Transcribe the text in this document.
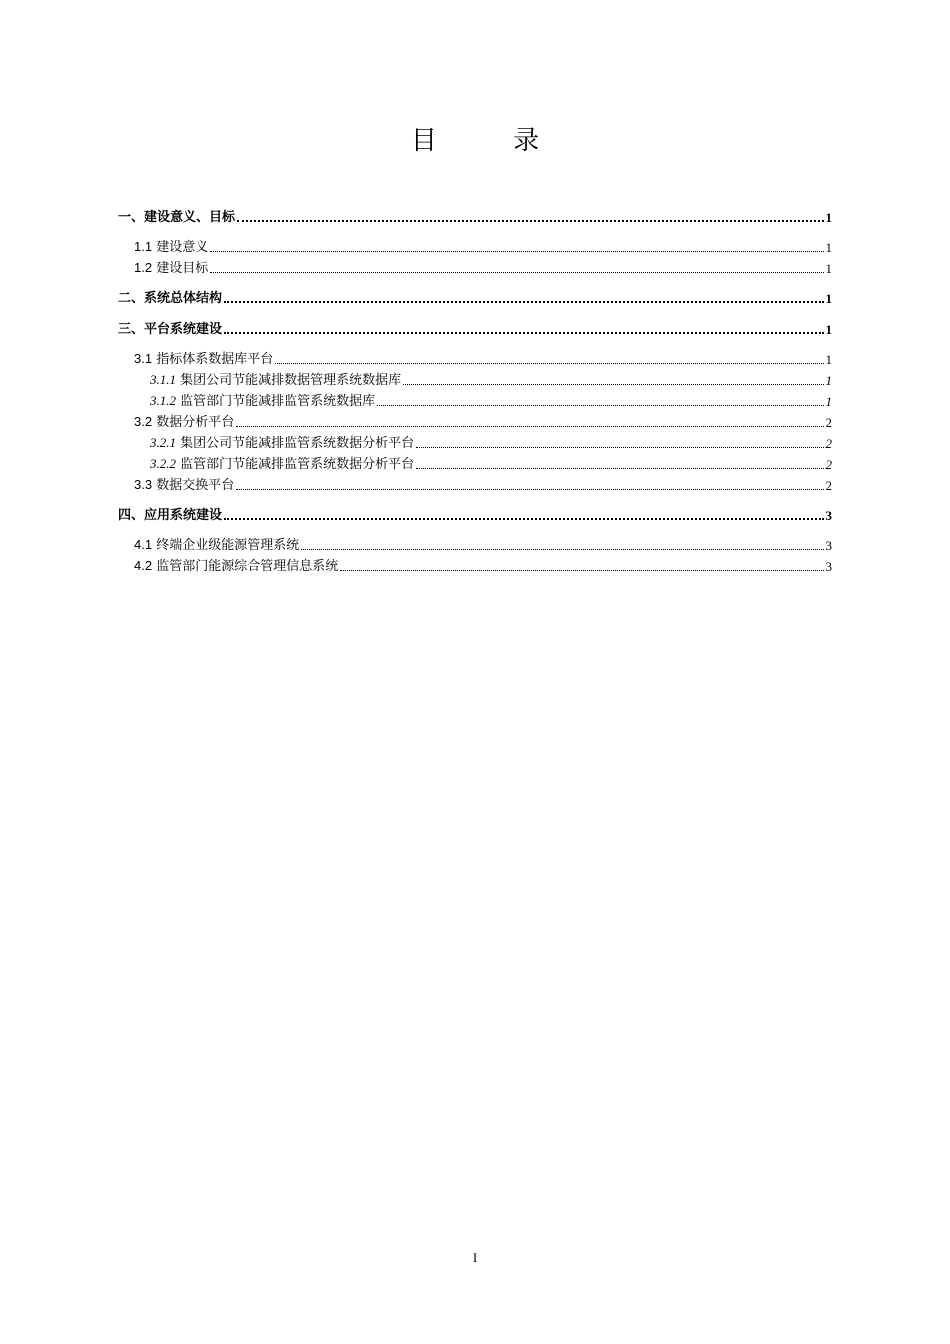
目 录
一、建设意义、目标	1
1.1 建设意义	1
1.2 建设目标	1
二、系统总体结构	1
三、平台系统建设	1
3.1 指标体系数据库平台	1
3.1.1 集团公司节能减排数据管理系统数据库	1
3.1.2 监管部门节能减排监管系统数据库	1
3.2 数据分析平台	2
3.2.1 集团公司节能减排监管系统数据分析平台	2
3.2.2 监管部门节能减排监管系统数据分析平台	2
3.3 数据交换平台	2
四、应用系统建设	3
4.1 终端企业级能源管理系统	3
4.2 监管部门能源综合管理信息系统	3
I
